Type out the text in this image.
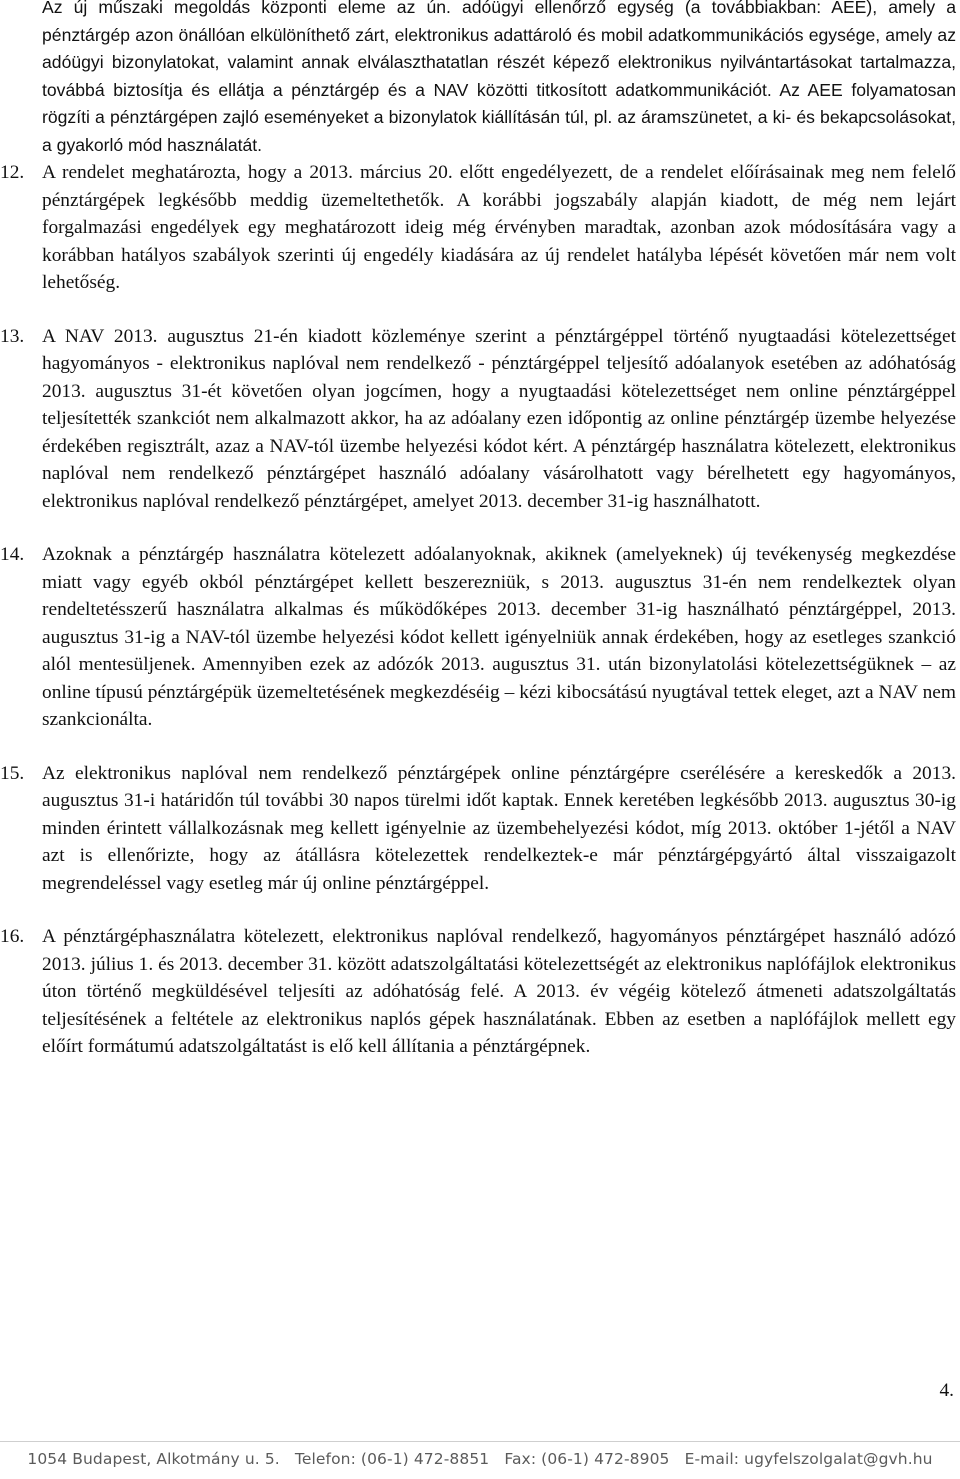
Az új műszaki megoldás központi eleme az ún. adóügyi ellenőrző egység (a továbbiakban: AEE), amely a pénztárgép azon önállóan elkülöníthető zárt, elektronikus adattároló és mobil adatkommunikációs egysége, amely az adóügyi bizonylatokat, valamint annak elválaszthatatlan részét képező elektronikus nyilvántartásokat tartalmazza, továbbá biztosítja és ellátja a pénztárgép és a NAV közötti titkosított adatkommunikációt. Az AEE folyamatosan rögzíti a pénztárgépen zajló eseményeket a bizonylatok kiállításán túl, pl. az áramszünetet, a ki- és bekapcsolásokat, a gyakorló mód használatát.

12. A rendelet meghatározta, hogy a 2013. március 20. előtt engedélyezett, de a rendelet előírásainak meg nem felelő pénztárgépek legkésőbb meddig üzemeltethetők. A korábbi jogszabály alapján kiadott, de még nem lejárt forgalmazási engedélyek egy meghatározott ideig még érvényben maradtak, azonban azok módosítására vagy a korábban hatályos szabályok szerinti új engedély kiadására az új rendelet hatályba lépését követően már nem volt lehetőség.

13. A NAV 2013. augusztus 21-én kiadott közleménye szerint a pénztárgéppel történő nyugtaadási kötelezettséget hagyományos - elektronikus naplóval nem rendelkező - pénztárgéppel teljesítő adóalanyok esetében az adóhatóság 2013. augusztus 31-ét követően olyan jogcímen, hogy a nyugtaadási kötelezettséget nem online pénztárgéppel teljesítették szankciót nem alkalmazott akkor, ha az adóalany ezen időpontig az online pénztárgép üzembe helyezése érdekében regisztrált, azaz a NAV-tól üzembe helyezési kódot kért. A pénztárgép használatra kötelezett, elektronikus naplóval nem rendelkező pénztárgépet használó adóalany vásárolhatott vagy bérelhetett egy hagyományos, elektronikus naplóval rendelkező pénztárgépet, amelyet 2013. december 31-ig használhatott.

14. Azoknak a pénztárgép használatra kötelezett adóalanyoknak, akiknek (amelyeknek) új tevékenység megkezdése miatt vagy egyéb okból pénztárgépet kellett beszerezniük, s 2013. augusztus 31-én nem rendelkeztek olyan rendeltetésszerű használatra alkalmas és működőképes 2013. december 31-ig használható pénztárgéppel, 2013. augusztus 31-ig a NAV-tól üzembe helyezési kódot kellett igényelniük annak érdekében, hogy az esetleges szankció alól mentesüljenek. Amennyiben ezek az adózók 2013. augusztus 31. után bizonylatolási kötelezettségüknek – az online típusú pénztárgépük üzemeltetésének megkezdéséig – kézi kibocsátású nyugtával tettek eleget, azt a NAV nem szankcionálta.

15. Az elektronikus naplóval nem rendelkező pénztárgépek online pénztárgépre cserélésére a kereskedők a 2013. augusztus 31-i határidőn túl további 30 napos türelmi időt kaptak. Ennek keretében legkésőbb 2013. augusztus 30-ig minden érintett vállalkozásnak meg kellett igényelnie az üzembehelyezési kódot, míg 2013. október 1-jétől a NAV azt is ellenőrizte, hogy az átállásra kötelezettek rendelkeztek-e már pénztárgépgyártó által visszaigazolt megrendeléssel vagy esetleg már új online pénztárgéppel.

16. A pénztárgéphasználatra kötelezett, elektronikus naplóval rendelkező, hagyományos pénztárgépet használó adózó 2013. július 1. és 2013. december 31. között adatszolgáltatási kötelezettségét az elektronikus naplófájlok elektronikus úton történő megküldésével teljesíti az adóhatóság felé. A 2013. év végéig kötelező átmeneti adatszolgáltatás teljesítésének a feltétele az elektronikus naplós gépek használatának. Ebben az esetben a naplófájlok mellett egy előírt formátumú adatszolgáltatást is elő kell állítania a pénztárgépnek.

4.
1054 Budapest, Alkotmány u. 5. Telefon: (06-1) 472-8851 Fax: (06-1) 472-8905 E-mail: ugyfelszolgalat@gvh.hu
